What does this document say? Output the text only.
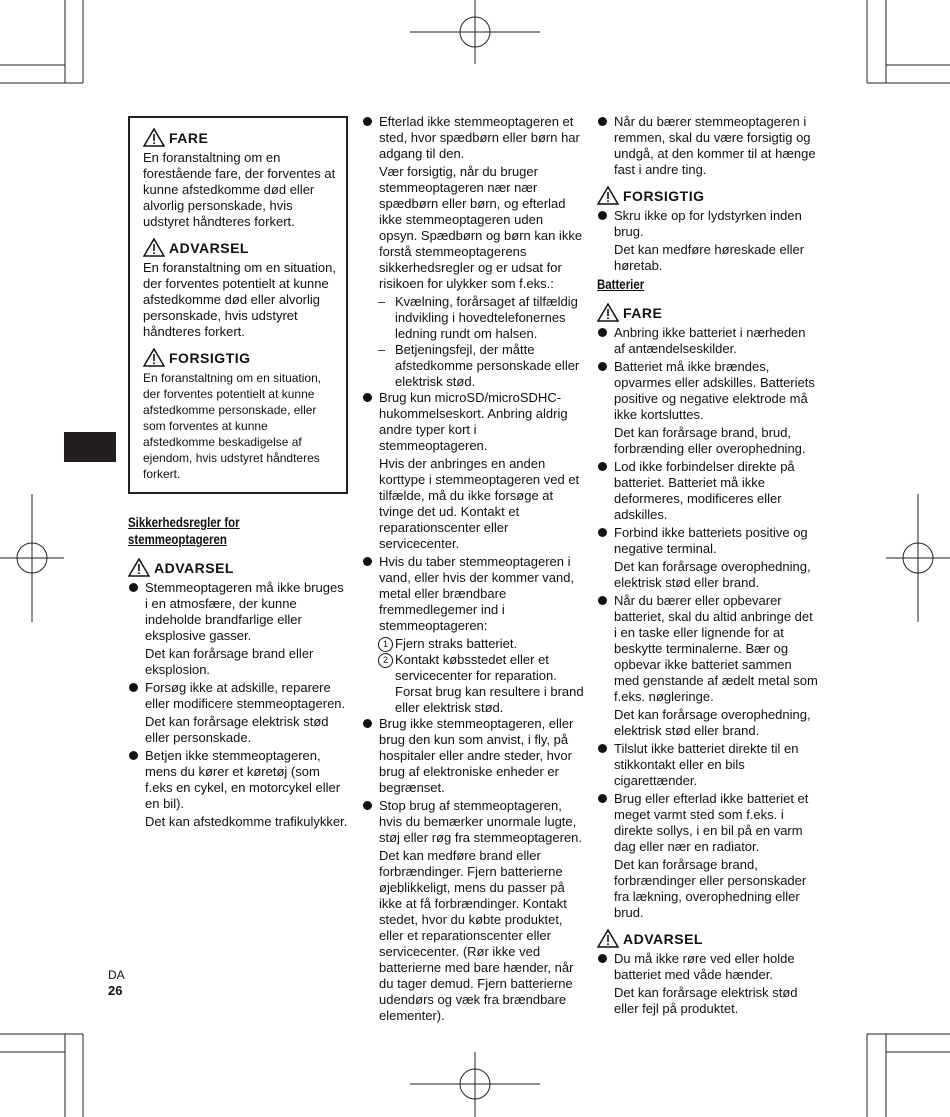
FARE
En foranstaltning om en forestående fare, der forventes at kunne afstedkomme død eller alvorlig personskade, hvis udstyret håndteres forkert.
ADVARSEL
En foranstaltning om en situation, der forventes potentielt at kunne afstedkomme død eller alvorlig personskade, hvis udstyret håndteres forkert.
FORSIGTIG
En foranstaltning om en situation, der forventes potentielt at kunne afstedkomme personskade, eller som forventes at kunne afstedkomme beskadigelse af ejendom, hvis udstyret håndteres forkert.
Sikkerhedsregler for stemmeoptageren
ADVARSEL
Stemmeoptageren må ikke bruges i en atmosfære, der kunne indeholde brandfarlige eller eksplosive gasser.
Det kan forårsage brand eller eksplosion.
Forsøg ikke at adskille, reparere eller modificere stemmeoptageren.
Det kan forårsage elektrisk stød eller personskade.
Betjen ikke stemmeoptageren, mens du kører et køretøj (som f.eks en cykel, en motorcykel eller en bil).
Det kan afstedkomme trafikulykker.
Efterlad ikke stemmeoptageren et sted, hvor spædbørn eller børn har adgang til den.
Vær forsigtig, når du bruger stemmeoptageren nær nær spædbørn eller børn, og efterlad ikke stemmeoptageren uden opsyn. Spædbørn og børn kan ikke forstå stemmeoptagerens sikkerhedsregler og er udsat for risikoen for ulykker som f.eks.:
– Kvælning, forårsaget af tilfældig indvikling i hovedtelefonernes ledning rundt om halsen.
– Betjeningsfejl, der måtte afstedkomme personskade eller elektrisk stød.
Brug kun microSD/microSDHC-hukommelseskort. Anbring aldrig andre typer kort i stemmeoptageren.
Hvis der anbringes en anden korttype i stemmeoptageren ved et tilfælde, må du ikke forsøge at tvinge det ud. Kontakt et reparationscenter eller servicecenter.
Hvis du taber stemmeoptageren i vand, eller hvis der kommer vand, metal eller brændbare fremmedlegemer ind i stemmeoptageren:
1 Fjern straks batteriet.
2 Kontakt købsstedet eller et servicecenter for reparation. Forsat brug kan resultere i brand eller elektrisk stød.
Brug ikke stemmeoptageren, eller brug den kun som anvist, i fly, på hospitaler eller andre steder, hvor brug af elektroniske enheder er begrænset.
Stop brug af stemmeoptageren, hvis du bemærker unormale lugte, støj eller røg fra stemmeoptageren.
Det kan medføre brand eller forbrændinger. Fjern batterierne øjeblikkeligt, mens du passer på ikke at få forbrændinger. Kontakt stedet, hvor du købte produktet, eller et reparationscenter eller servicecenter. (Rør ikke ved batterierne med bare hænder, når du tager demud. Fjern batterierne udendørs og væk fra brændbare elementer).
Når du bærer stemmeoptageren i remmen, skal du være forsigtig og undgå, at den kommer til at hænge fast i andre ting.
FORSIGTIG
Skru ikke op for lydstyrken inden brug.
Det kan medføre høreskade eller høretab.
Batterier
FARE
Anbring ikke batteriet i nærheden af antændelseskilder.
Batteriet må ikke brændes, opvarmes eller adskilles. Batteriets positive og negative elektrode må ikke kortsluttes.
Det kan forårsage brand, brud, forbrænding eller overophedning.
Lod ikke forbindelser direkte på batteriet. Batteriet må ikke deformeres, modificeres eller adskilles.
Forbind ikke batteriets positive og negative terminal.
Det kan forårsage overophedning, elektrisk stød eller brand.
Når du bærer eller opbevarer batteriet, skal du altid anbringe det i en taske eller lignende for at beskytte terminalerne. Bær og opbevar ikke batteriet sammen med genstande af ædelt metal som f.eks. nøgleringe.
Det kan forårsage overophedning, elektrisk stød eller brand.
Tilslut ikke batteriet direkte til en stikkontakt eller en bils cigarettænder.
Brug eller efterlad ikke batteriet et meget varmt sted som f.eks. i direkte sollys, i en bil på en varm dag eller nær en radiator.
Det kan forårsage brand, forbrændinger eller personskader fra lækning, overophedning eller brud.
ADVARSEL
Du må ikke røre ved eller holde batteriet med våde hænder.
Det kan forårsage elektrisk stød eller fejl på produktet.
DA
26
